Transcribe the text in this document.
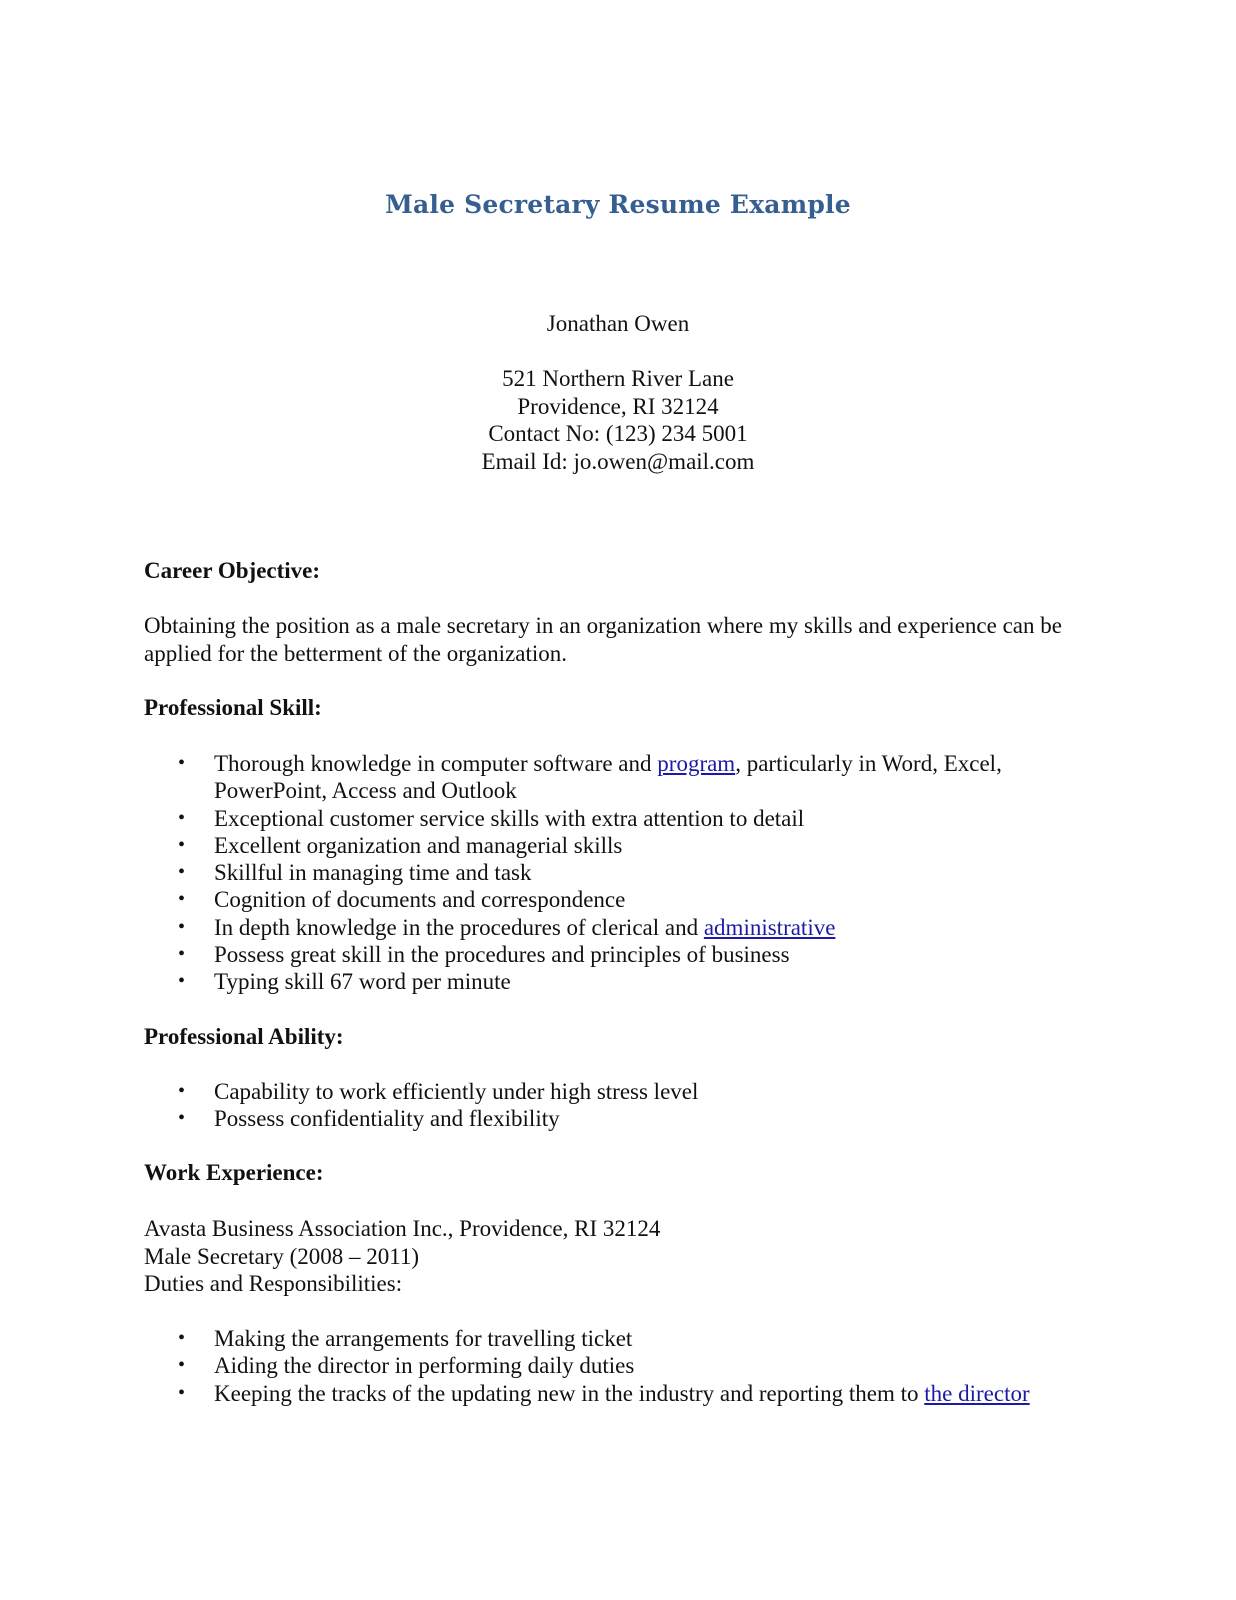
Male Secretary Resume Example
Jonathan Owen
521 Northern River Lane
Providence, RI 32124
Contact No: (123) 234 5001
Email Id: jo.owen@mail.com
Career Objective:
Obtaining the position as a male secretary in an organization where my skills and experience can be applied for the betterment of the organization.
Professional Skill:
• Thorough knowledge in computer software and program, particularly in Word, Excel, PowerPoint, Access and Outlook
• Exceptional customer service skills with extra attention to detail
• Excellent organization and managerial skills
• Skillful in managing time and task
• Cognition of documents and correspondence
• In depth knowledge in the procedures of clerical and administrative
• Possess great skill in the procedures and principles of business
• Typing skill 67 word per minute
Professional Ability:
• Capability to work efficiently under high stress level
• Possess confidentiality and flexibility
Work Experience:
Avasta Business Association Inc., Providence, RI 32124
Male Secretary (2008 – 2011)
Duties and Responsibilities:
• Making the arrangements for travelling ticket
• Aiding the director in performing daily duties
• Keeping the tracks of the updating new in the industry and reporting them to the director
